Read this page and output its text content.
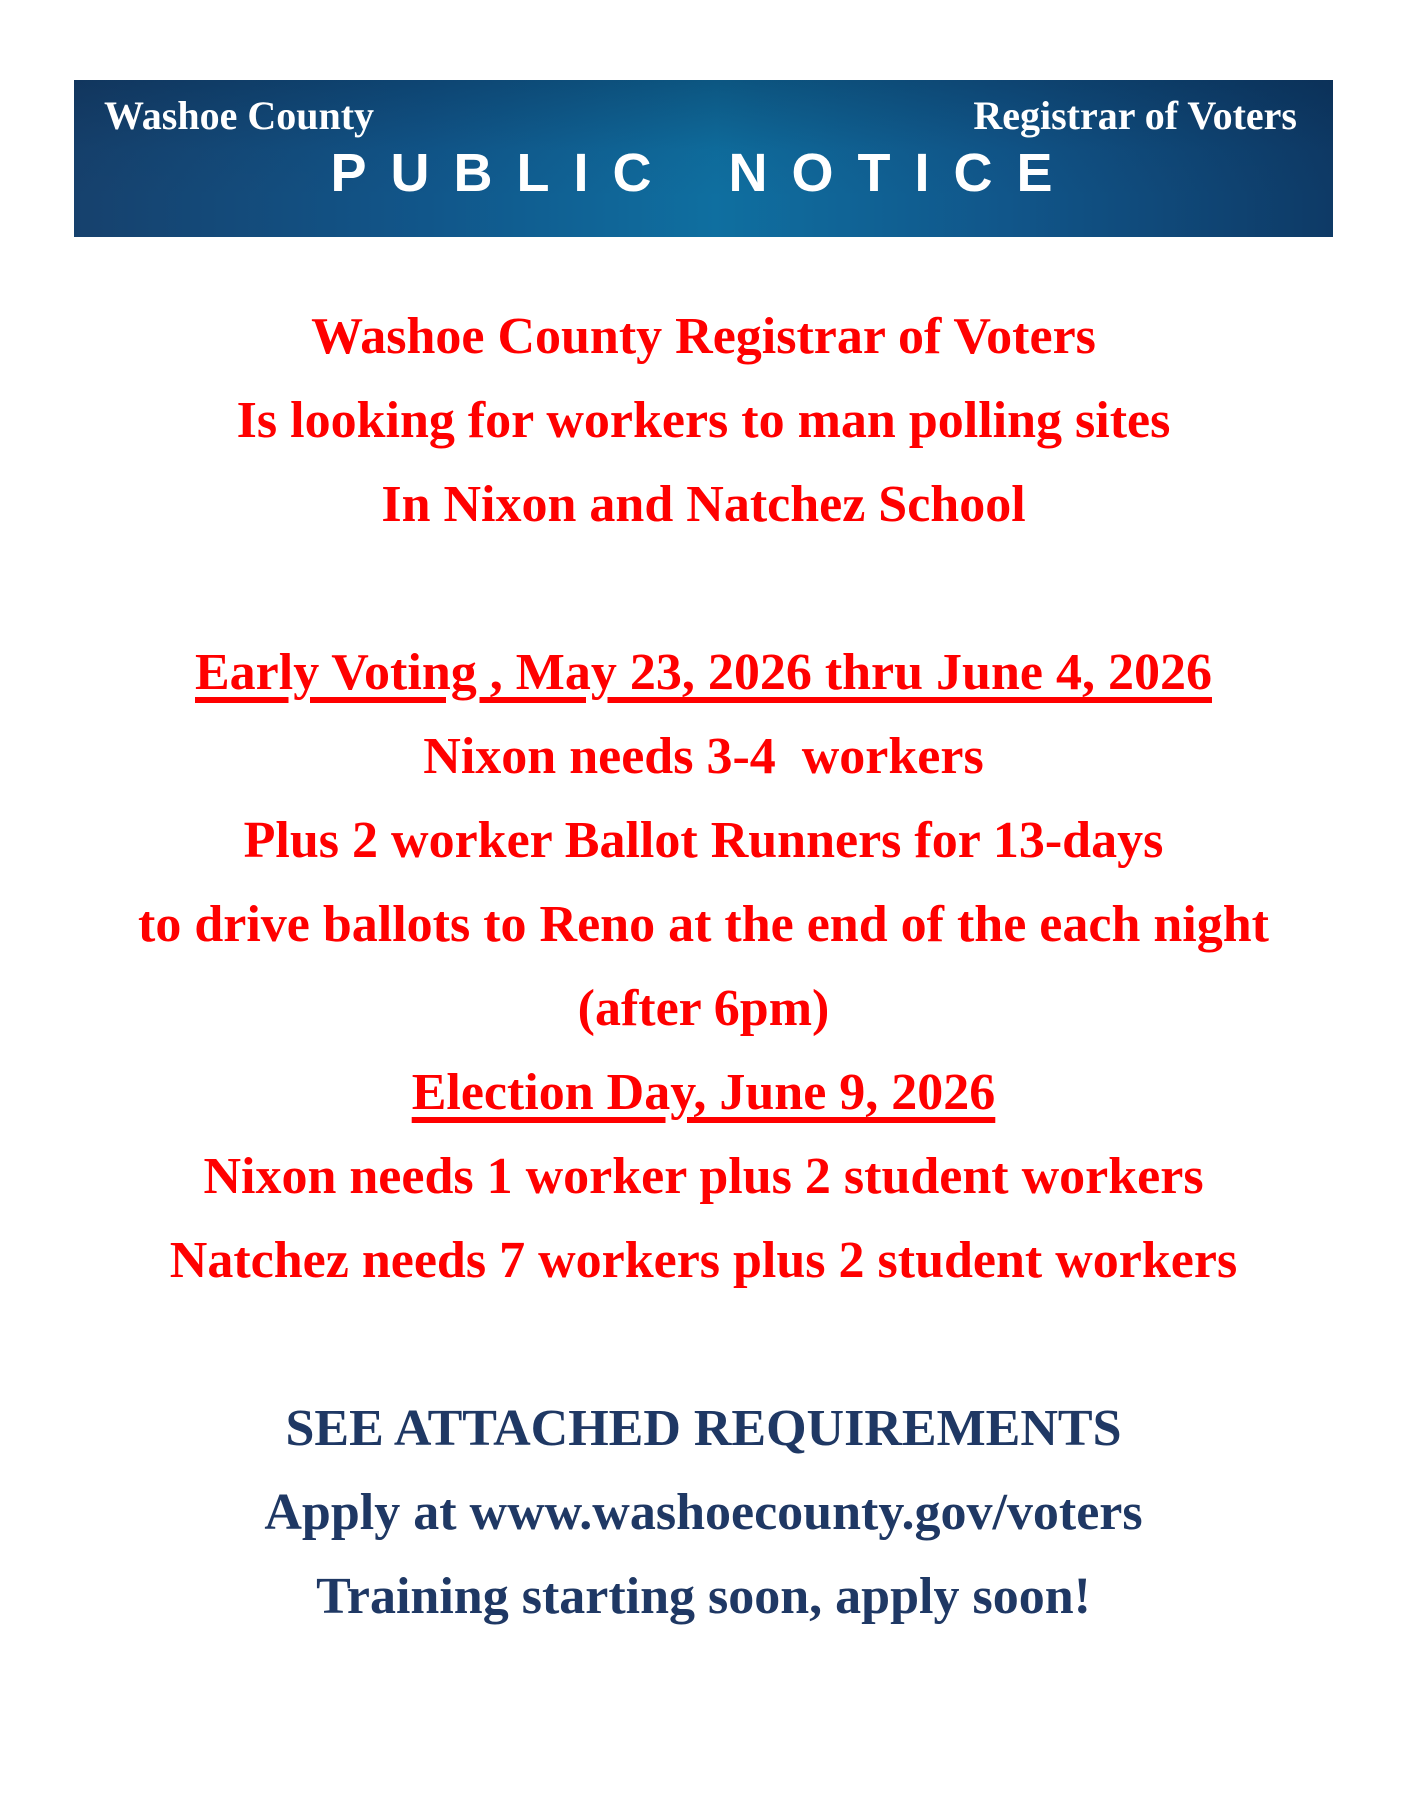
Washoe County	Registrar of Voters
PUBLIC NOTICE
Washoe County Registrar of Voters
Is looking for workers to man polling sites
In Nixon and Natchez School
Early Voting , May 23, 2026 thru June 4, 2026
Nixon needs 3-4  workers
Plus 2 worker Ballot Runners for 13-days
to drive ballots to Reno at the end of the each night
(after 6pm)
Election Day, June 9, 2026
Nixon needs 1 worker plus 2 student workers
Natchez needs 7 workers plus 2 student workers
SEE ATTACHED REQUIREMENTS
Apply at www.washoecounty.gov/voters
Training starting soon, apply soon!
